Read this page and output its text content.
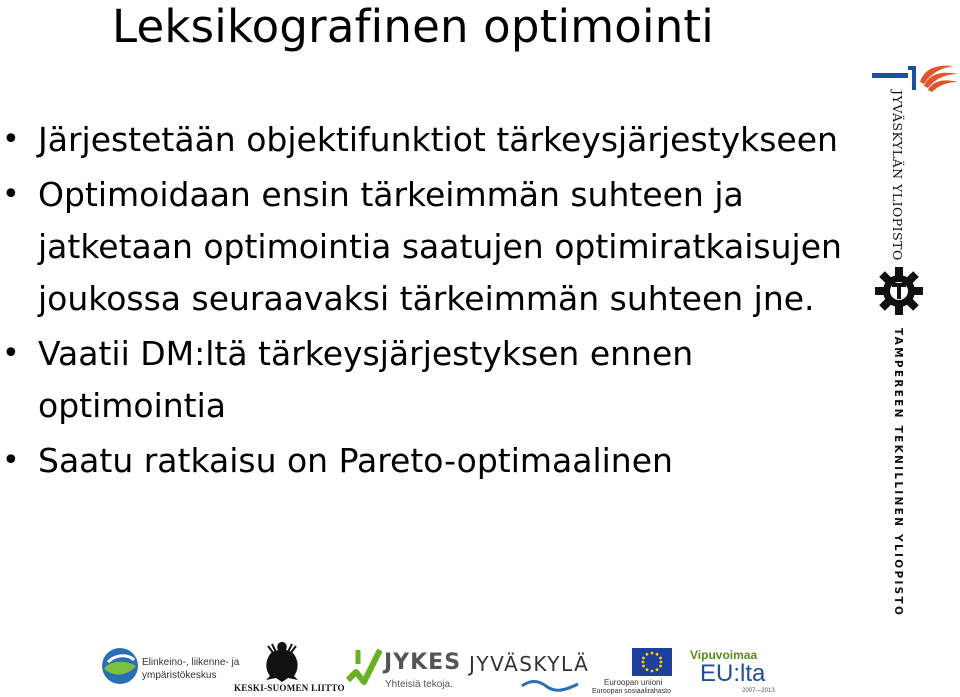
Leksikografinen optimointi
• Järjestetään objektifunktiot tärkeysjärjestykseen
• Optimoidaan ensin tärkeimmän suhteen ja jatketaan optimointia saatujen optimiratkaisujen joukossa seuraavaksi tärkeimmän suhteen jne.
• Vaatii DM:ltä tärkeysjärjestyksen ennen optimointia
• Saatu ratkaisu on Pareto-optimaalinen
JYVÄSKYLÄN YLIOPISTO
TAMPEREEN TEKNILLINEN YLIOPISTO
Elinkeino-, liikenne- ja
ympäristökeskus
KESKI-SUOMEN LIITTO
JYKES
Yhteisiä tekoja.
JYVÄSKYLÄ
Euroopan unioni
Euroopan sosiaalirahasto
Vipuvoimaa
EU:lta
2007—2013
